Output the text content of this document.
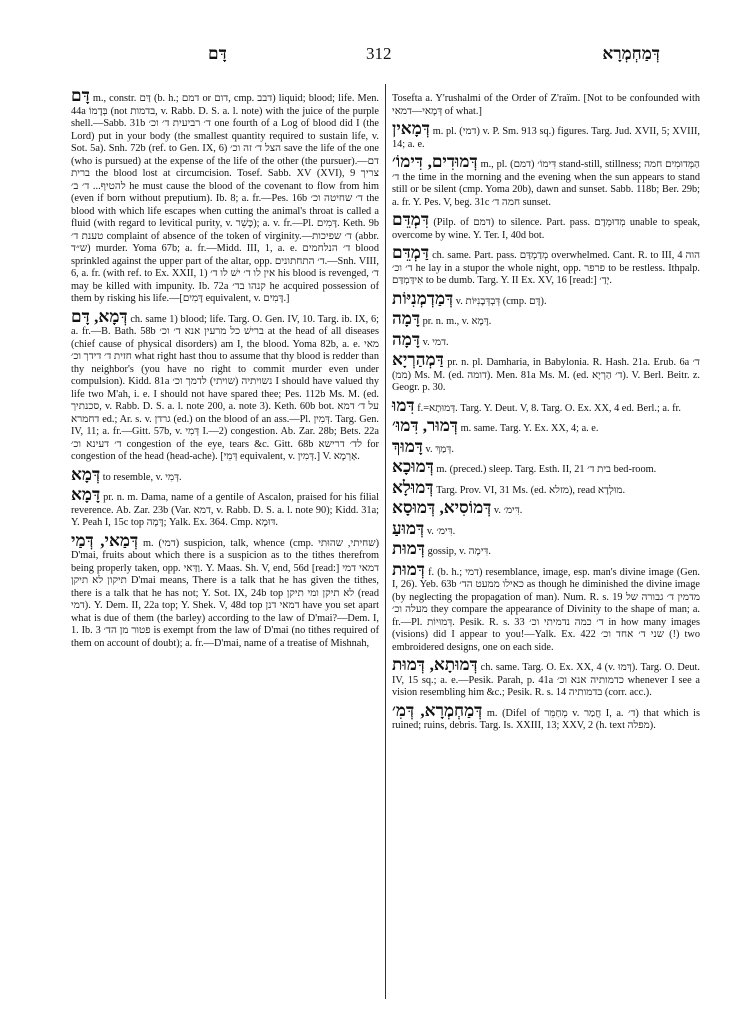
דָּם	312	דְּמַחְמְרָא

דָּם m., constr. דַּם (b. h.; דמם or דום, cmp. דבב) liquid; blood; life. Men. 44a בְּדָמוֹ (not בדמות, v. Rabb. D. S. a. l. note) with the juice of the purple shell.—Sabb. 31b ד׳ רביעית ד׳ וכ׳ one fourth of a Log of blood did I (the Lord) put in your body (the smallest quantity required to sustain life, v. Sot. 5a). Snh. 72b (ref. to Gen. IX, 6) הצל ד׳ זה וכ׳ save the life of the one (who is pursued) at the expense of the life of the other (the pursuer).—דם ברית the blood lost at circumcision. Tosef. Sabb. XV (XVI), 9 צריך להטיף... ד׳ ב׳ he must cause the blood of the covenant to flow from him (even if born without preputium). Ib. 8; a. fr.—Pes. 16b ד׳ שחיטה וכ׳ the blood with which life escapes when cutting the animal's throat is called a fluid (with regard to levitical purity, v. כָּשֵׁר); a. v. fr.—Pl. דָּמִים. Keth. 9b טענת ד׳ complaint of absence of the token of virginity.—ד׳ שפיכות (abbr. ש״ד) murder. Yoma 67b; a. fr.—Midd. III, 1, a. e. ד׳ הנלחמים blood sprinkled against the upper part of the altar, opp. ד׳ התחתונים.—Snh. VIII, 6, a. fr. (with ref. to Ex. XXII, 1) אין לו ד׳ ישׁ לו ד׳ his blood is revenged, ד׳ may be killed with impunity. Ib. 72a קנהו בד׳ he acquired possession of them by risking his life.—[דָּמִים equivalent, v. דָּמִים.]

דְּמָא, דָּם ch. same 1) blood; life. Targ. O. Gen. IV, 10. Targ. ib. IX, 6; a. fr.—B. Bath. 58b ברישׁ כל מרעין אנא ד׳ וכ׳ at the head of all diseases (chief cause of physical disorders) am I, the blood. Yoma 82b, a. e. מאי חזית ד׳ דידך וכ׳ what right hast thou to assume that thy blood is redder than thy neighbor's (you have no right to commit murder even under compulsion). Kidd. 81a נשויתיה (שויתי) לדמך וכ׳ I should have valued thy life two M'ah, i. e. I should not have spared thee; Pes. 112b Ms. M. (ed. סכנתיך, v. Rabb. D. S. a. l. note 200, a. note 3). Keth. 60b bot. על ד׳ דמא דחמרא ed.; Ar. s. v. גרדן (ed.) on the blood of an ass.—Pl. דְּמִין. Targ. Gen. IV, 11; a. fr.—Gitt. 57b, v. דְּמִי I.—2) congestion. Ab. Zar. 28b; Bets. 22a ד׳ דעינא וכ׳ congestion of the eye, tears &c. Gitt. 68b לד׳ דרישא for congestion of the head (head-ache). [דְּמֵי equivalent, v. דְּמִין.] V. אַרְמָא.

דְּמָא to resemble, v. דְּמִי.

דָּמָא pr. n. m. Dama, name of a gentile of Ascalon, praised for his filial reverence. Ab. Zar. 23b (Var. דמא, v. Rabb. D. S. a. l. note 90); Kidd. 31a; Y. Peah I, 15c top דָּמָה; Yalk. Ex. 364. Cmp. דּוּמָא.

דְּמַאי, דְּמַי m. (דמי) suspicion, talk, whence (cmp. שחיתי, שהוּתי) D'mai, fruits about which there is a suspicion as to the tithes therefrom being properly taken, opp. וַדַּאי. Y. Maas. Sh. V, end, 56d [read:] דמאי דמי תיקון לא תיקן D'mai means, There is a talk that he has given the tithes, there is a talk that he has not; Y. Sot. IX, 24b top לא תיקן ומי תיקן (read דמי). Y. Dem. II, 22a top; Y. Shek. V, 48d top דמאי דנן have you set apart what is due of them (the barley) according to the law of D'mai?—Dem. I, 1. Ib. 3 פטור מן הד׳ is exempt from the law of D'mai (no tithes required of them on account of doubt); a. fr.—D'mai, name of a treatise of Mishnah,

Tosefta a. Y'rushalmi of the Order of Z'raïm. [Not to be confounded with דְּמָאי—דמאי of what.]

דְּמָאין m. pl. (דמי) v. P. Sm. 913 sq.) figures. Targ. Jud. XVII, 5; XVIII, 14; a. e.

דְּמוּדִים, דִּימוֹ׳ m., pl. דִּימוֹ׳ (דמם) stand-still, stillness; הַמְּדוּמִים חמה ד׳ the time in the morning and the evening when the sun appears to stand still or be silent (cmp. Yoma 20b), dawn and sunset. Sabb. 118b; Ber. 29b; a. fr. Y. Pes. V, beg. 31c חמה ד׳ sunset.

דִּמְדֵּם (Pilp. of דמם) to silence. Part. pass. מְדוּמְדָם unable to speak, overcome by wine. Y. Ter. I, 40d bot.

דַּמְדֵּם ch. same. Part. pass. מְדַמְדַּם overwhelmed. Cant. R. to III, 4 הוה ד׳ וכ׳ he lay in a stupor the whole night, opp. פרפר to be restless. Ithpalp. אִידַּמְדַּם to be dumb. Targ. Y. II Ex. XV, 16 [read:] יְדַ׳.

דְּמַדְמְנִיּוֹת v. דְּבְדְּבָנִיּוֹת (cmp. דָּם).

דָּמָה pr. n. m., v. דָּמָא.

דָּמָה v. דמי.

דַּמְהַרְיָא pr. n. pl. Damharia, in Babylonia. R. Hash. 21a. Erub. 6a ד׳ (ממ) Ms. M. (ed. דומה). Men. 81a Ms. M. (ed. ד׳ הַרְיָא). V. Berl. Beitr. z. Geogr. p. 30.

דִּמוּ f.=דְּמוּתָא. Targ. Y. Deut. V, 8. Targ. O. Ex. XX, 4 ed. Berl.; a. fr.

דְּמוּר, דִּמוּ׳ m. same. Targ. Y. Ex. XX, 4; a. e.

דָּמוּךְ v. דְּמַךְ.

דְּמוּכָא m. (preced.) sleep. Targ. Esth. II, 21 בית ד׳ bed-room.

דְּמוּלָא Targ. Prov. VI, 31 Ms. (ed. מזלא), read מוּלְדָא.

דְּמוֹסִיא, דְּמוּסָא v. דִּימ׳.

דְּמוּעַ v. דִּימ׳.

דְּמוּת gossip, v. דִּימָה.

דְּמוּת f. (b. h.; דמי) resemblance, image, esp. man's divine image (Gen. I, 26). Yeb. 63b כאילו ממעט הד׳ as though he diminished the divine image (by neglecting the propagation of man). Num. R. s. 19 מדמין ד׳ גבורה של מעלה וכ׳ they compare the appearance of Divinity to the shape of man; a. fr.—Pl. דְּמוּיוֹת. Pesik. R. s. 33 ד׳ כמה נדמיתי וכ׳ in how many images (visions) did I appear to you!—Yalk. Ex. 422 שני ד׳ אחד וכ׳ (!) two embroidered designs, one on each side.

דְּמוּתָא, דְּמוּת ch. same. Targ. O. Ex. XX, 4 (v. דְּמוּ). Targ. O. Deut. IV, 15 sq.; a. e.—Pesik. Parah, p. 41a כדמותיה אנא וכ׳ whenever I see a vision resembling him &c.; Pesik. R. s. 14 בדמותיה (corr. acc.).

דְּמַחְמְרָא, דְּמִ׳ m. (Difel of מְחַמֵּר v. חֲמַר I, a. ד׳) that which is ruined; ruins, debris. Targ. Is. XXIII, 13; XXV, 2 (h. text מפלה).
